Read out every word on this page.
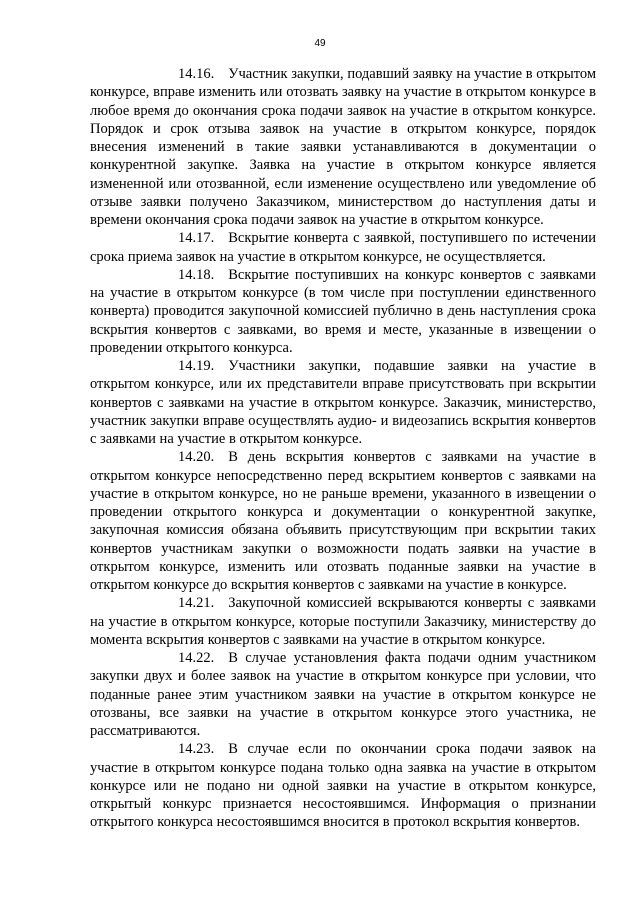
49

14.16. Участник закупки, подавший заявку на участие в открытом конкурсе, вправе изменить или отозвать заявку на участие в открытом конкурсе в любое время до окончания срока подачи заявок на участие в открытом конкурсе. Порядок и срок отзыва заявок на участие в открытом конкурсе, порядок внесения изменений в такие заявки устанавливаются в документации о конкурентной закупке. Заявка на участие в открытом конкурсе является измененной или отозванной, если изменение осуществлено или уведомление об отзыве заявки получено Заказчиком, министерством до наступления даты и времени окончания срока подачи заявок на участие в открытом конкурсе.

14.17. Вскрытие конверта с заявкой, поступившего по истечении срока приема заявок на участие в открытом конкурсе, не осуществляется.

14.18. Вскрытие поступивших на конкурс конвертов с заявками на участие в открытом конкурсе (в том числе при поступлении единственного конверта) проводится закупочной комиссией публично в день наступления срока вскрытия конвертов с заявками, во время и месте, указанные в извещении о проведении открытого конкурса.

14.19. Участники закупки, подавшие заявки на участие в открытом конкурсе, или их представители вправе присутствовать при вскрытии конвертов с заявками на участие в открытом конкурсе. Заказчик, министерство, участник закупки вправе осуществлять аудио- и видеозапись вскрытия конвертов с заявками на участие в открытом конкурсе.

14.20. В день вскрытия конвертов с заявками на участие в открытом конкурсе непосредственно перед вскрытием конвертов с заявками на участие в открытом конкурсе, но не раньше времени, указанного в извещении о проведении открытого конкурса и документации о конкурентной закупке, закупочная комиссия обязана объявить присутствующим при вскрытии таких конвертов участникам закупки о возможности подать заявки на участие в открытом конкурсе, изменить или отозвать поданные заявки на участие в открытом конкурсе до вскрытия конвертов с заявками на участие в конкурсе.

14.21. Закупочной комиссией вскрываются конверты с заявками на участие в открытом конкурсе, которые поступили Заказчику, министерству до момента вскрытия конвертов с заявками на участие в открытом конкурсе.

14.22. В случае установления факта подачи одним участником закупки двух и более заявок на участие в открытом конкурсе при условии, что поданные ранее этим участником заявки на участие в открытом конкурсе не отозваны, все заявки на участие в открытом конкурсе этого участника, не рассматриваются.

14.23. В случае если по окончании срока подачи заявок на участие в открытом конкурсе подана только одна заявка на участие в открытом конкурсе или не подано ни одной заявки на участие в открытом конкурсе, открытый конкурс признается несостоявшимся. Информация о признании открытого конкурса несостоявшимся вносится в протокол вскрытия конвертов.
